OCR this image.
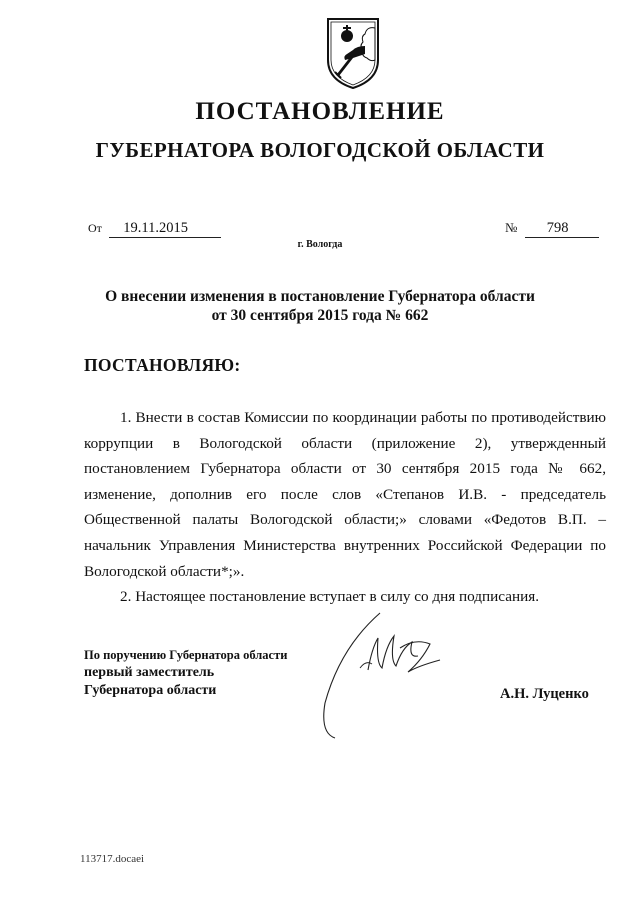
ПОСТАНОВЛЕНИЕ
ГУБЕРНАТОРА ВОЛОГОДСКОЙ ОБЛАСТИ
От 19.11.2015	№ 798
г. Вологда
О внесении изменения в постановление Губернатора области
от 30 сентября 2015 года № 662
ПОСТАНОВЛЯЮ:

1. Внести в состав Комиссии по координации работы по противодействию коррупции в Вологодской области (приложение 2), утвержденный постановлением Губернатора области от 30 сентября 2015 года № 662, изменение, дополнив его после слов «Степанов И.В. - председатель Общественной палаты Вологодской области;» словами «Федотов В.П. – начальник Управления Министерства внутренних Российской Федерации по Вологодской области*;».

2. Настоящее постановление вступает в силу со дня подписания.

По поручению Губернатора области
первый заместитель
Губернатора области	А.Н. Луценко
113717.docaei
